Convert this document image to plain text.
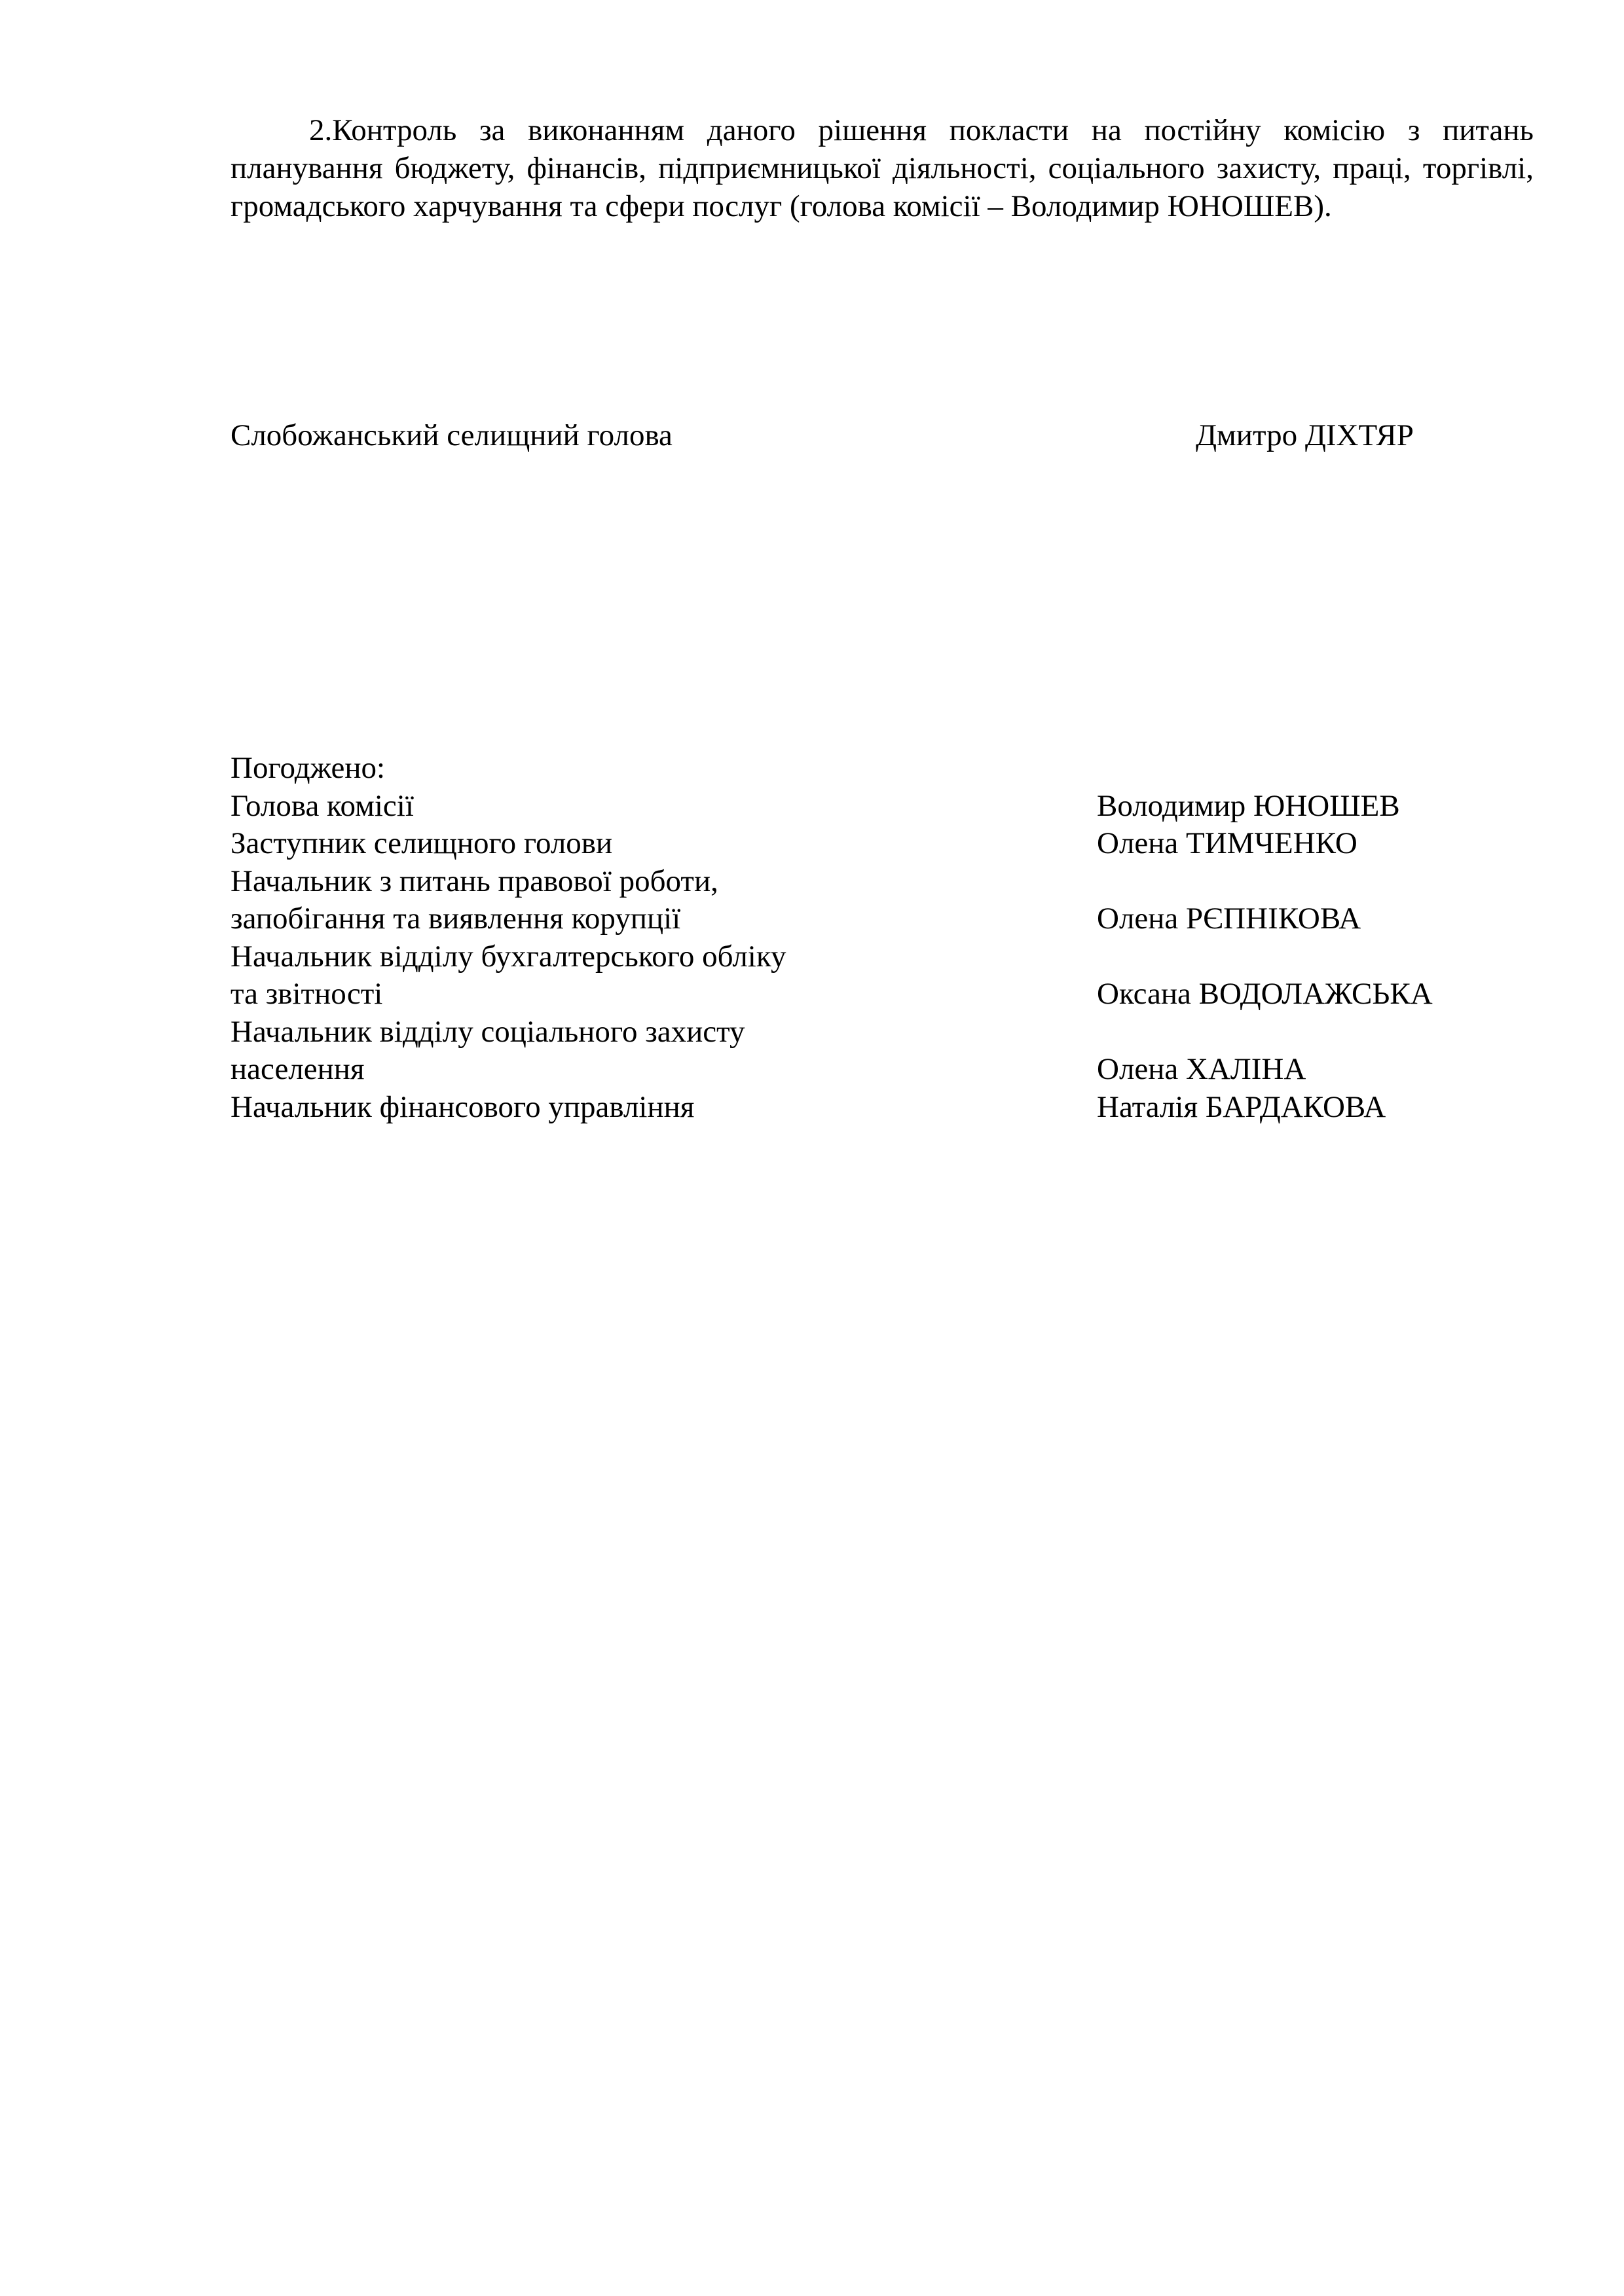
2.Контроль за виконанням даного рішення покласти на постійну комісію з питань планування бюджету, фінансів, підприємницької діяльності, соціального захисту, праці, торгівлі, громадського харчування та сфери послуг (голова комісії – Володимир ЮНОШЕВ).

Слобожанський селищний голова	Дмитро ДІХТЯР
Погоджено:
Голова комісії	Володимир ЮНОШЕВ
Заступник селищного голови	Олена ТИМЧЕНКО
Начальник з питань правової роботи,
запобігання та виявлення корупції	Олена РЄПНІКОВА
Начальник відділу бухгалтерського обліку
та звітності	Оксана ВОДОЛАЖСЬКА
Начальник відділу соціального захисту
населення	Олена ХАЛІНА
Начальник фінансового управління	Наталія БАРДАКОВА
